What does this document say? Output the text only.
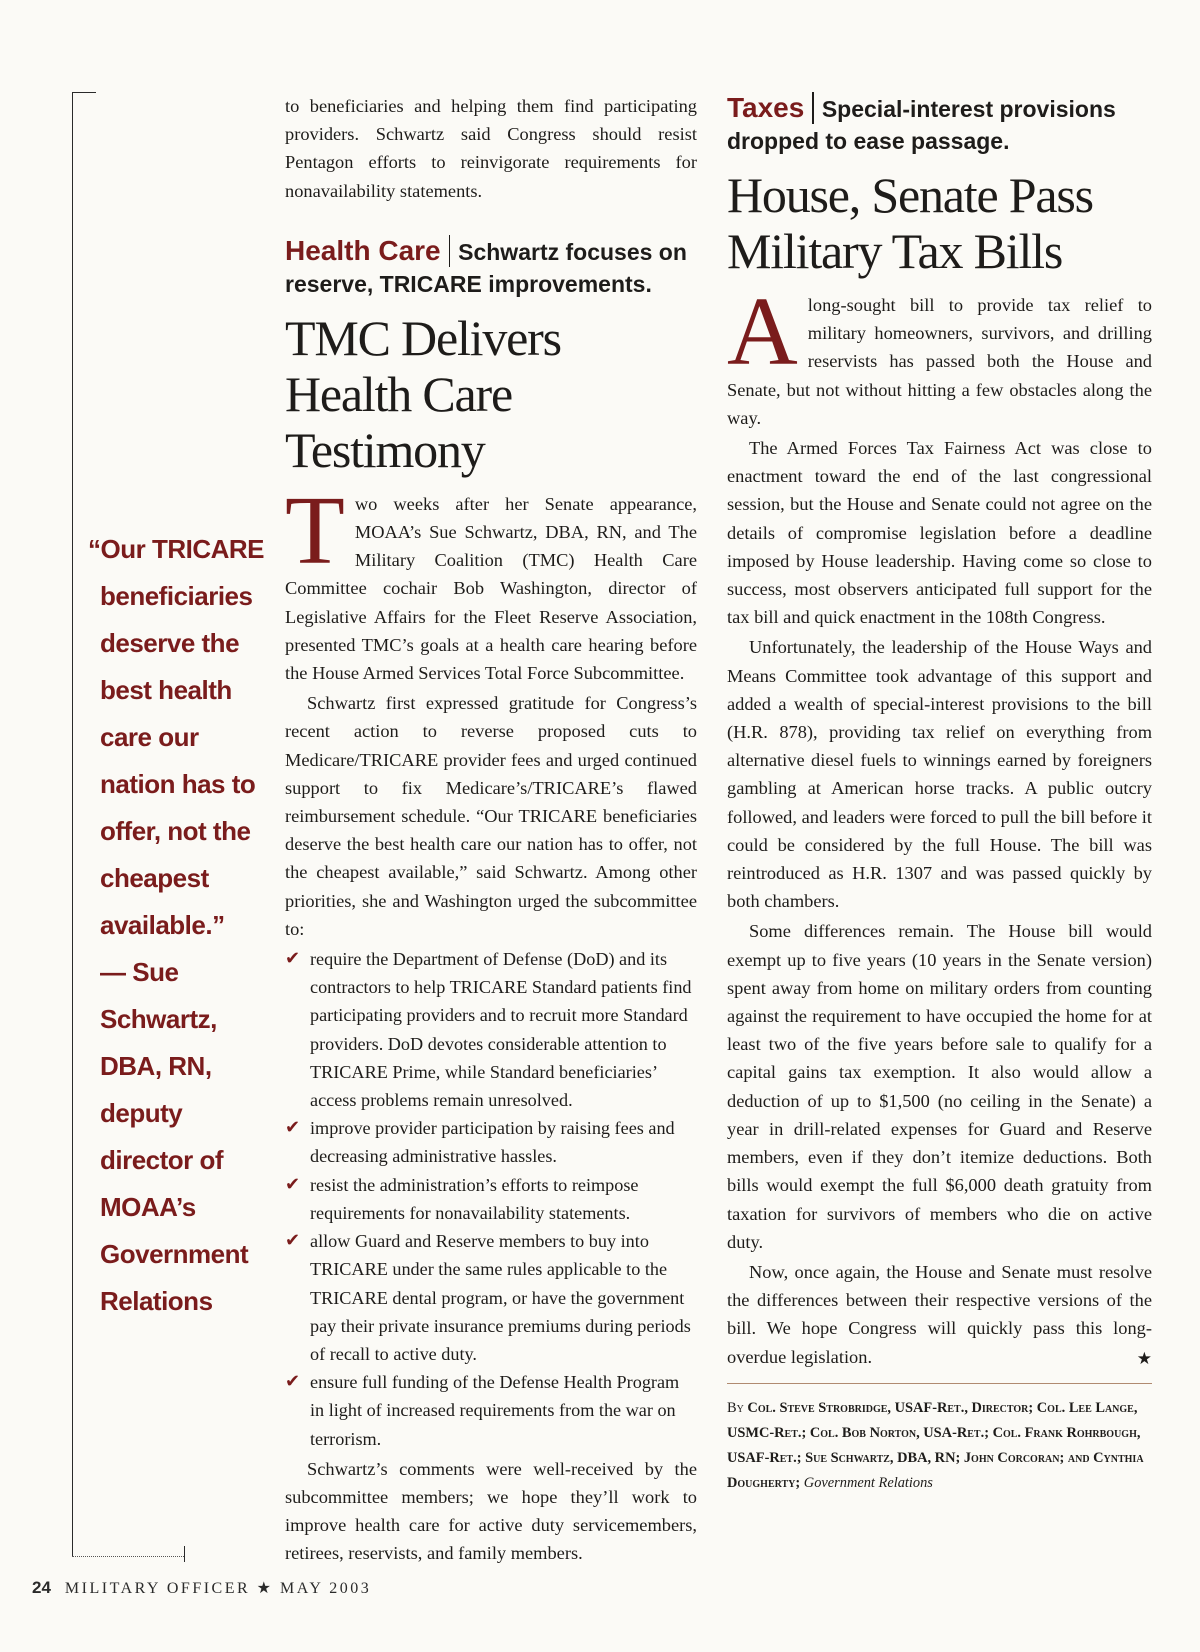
“Our TRICARE
beneficiaries
deserve the
best health
care our
nation has to
offer, not the
cheapest
available.”
— Sue
Schwartz,
DBA, RN,
deputy
director of
MOAA’s
Government
Relations

to beneficiaries and helping them find participating providers. Schwartz said Congress should resist Pentagon efforts to reinvigorate requirements for nonavailability statements.

Health Care Schwartz focuses on reserve, TRICARE improvements.
TMC Delivers Health Care Testimony

Two weeks after her Senate appearance, MOAA’s Sue Schwartz, DBA, RN, and The Military Coalition (TMC) Health Care Committee cochair Bob Washington, director of Legislative Affairs for the Fleet Reserve Association, presented TMC’s goals at a health care hearing before the House Armed Services Total Force Subcommittee.

Schwartz first expressed gratitude for Congress’s recent action to reverse proposed cuts to Medicare/TRICARE provider fees and urged continued support to fix Medicare’s/TRICARE’s flawed reimbursement schedule. “Our TRICARE beneficiaries deserve the best health care our nation has to offer, not the cheapest available,” said Schwartz. Among other priorities, she and Washington urged the subcommittee to:

✔ require the Department of Defense (DoD) and its contractors to help TRICARE Standard patients find participating providers and to recruit more Standard providers. DoD devotes considerable attention to TRICARE Prime, while Standard beneficiaries’ access problems remain unresolved.
✔ improve provider participation by raising fees and decreasing administrative hassles.
✔ resist the administration’s efforts to reimpose requirements for nonavailability statements.
✔ allow Guard and Reserve members to buy into TRICARE under the same rules applicable to the TRICARE dental program, or have the government pay their private insurance premiums during periods of recall to active duty.
✔ ensure full funding of the Defense Health Program in light of increased requirements from the war on terrorism.

Schwartz’s comments were well-received by the subcommittee members; we hope they’ll work to improve health care for active duty servicemembers, retirees, reservists, and family members.

Taxes Special-interest provisions dropped to ease passage.
House, Senate Pass Military Tax Bills

Along-sought bill to provide tax relief to military homeowners, survivors, and drilling reservists has passed both the House and Senate, but not without hitting a few obstacles along the way.

The Armed Forces Tax Fairness Act was close to enactment toward the end of the last congressional session, but the House and Senate could not agree on the details of compromise legislation before a deadline imposed by House leadership. Having come so close to success, most observers anticipated full support for the tax bill and quick enactment in the 108th Congress.

Unfortunately, the leadership of the House Ways and Means Committee took advantage of this support and added a wealth of special-interest provisions to the bill (H.R. 878), providing tax relief on everything from alternative diesel fuels to winnings earned by foreigners gambling at American horse tracks. A public outcry followed, and leaders were forced to pull the bill before it could be considered by the full House. The bill was reintroduced as H.R. 1307 and was passed quickly by both chambers.

Some differences remain. The House bill would exempt up to five years (10 years in the Senate version) spent away from home on military orders from counting against the requirement to have occupied the home for at least two of the five years before sale to qualify for a capital gains tax exemption. It also would allow a deduction of up to $1,500 (no ceiling in the Senate) a year in drill-related expenses for Guard and Reserve members, even if they don’t itemize deductions. Both bills would exempt the full $6,000 death gratuity from taxation for survivors of members who die on active duty.

Now, once again, the House and Senate must resolve the differences between their respective versions of the bill. We hope Congress will quickly pass this long-overdue legislation.	★

By Col. Steve Strobridge, USAF-Ret., Director; Col. Lee Lange, USMC-Ret.; Col. Bob Norton, USA-Ret.; Col. Frank Rohrbough, USAF-Ret.; Sue Schwartz, DBA, RN; John Corcoran; and Cynthia Dougherty; Government Relations
24 MILITARY OFFICER ★ MAY 2003
